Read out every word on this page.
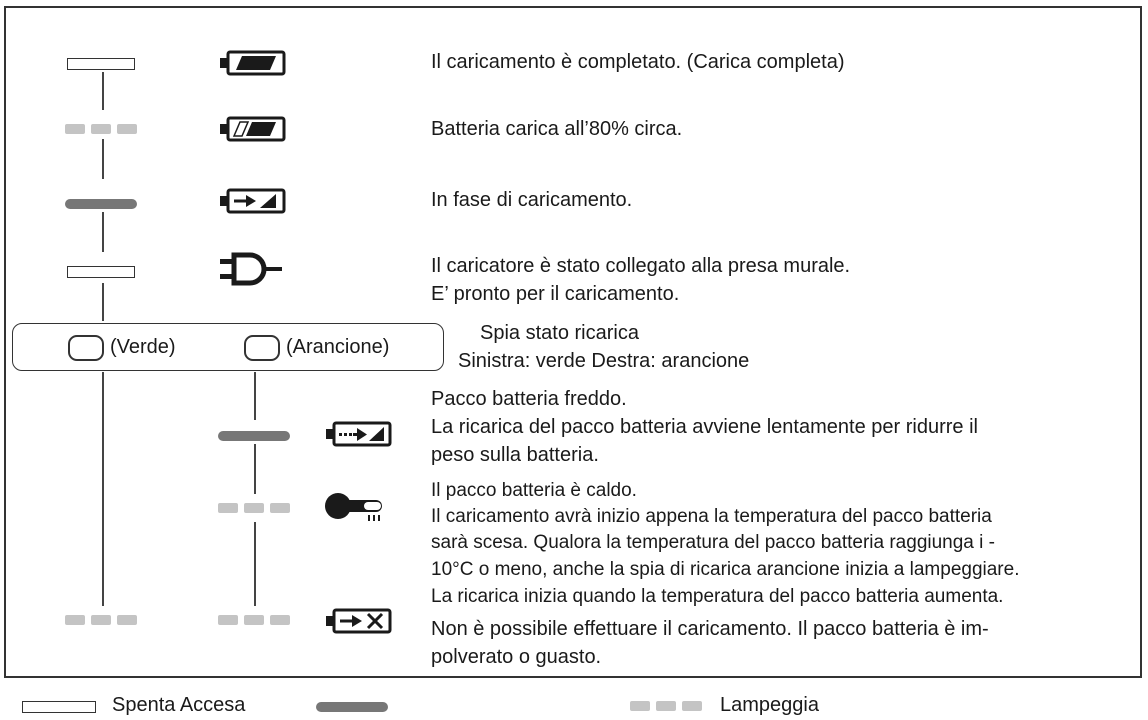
Il caricamento è completato. (Carica completa)
Batteria carica all’80% circa.
In fase di caricamento.
Il caricatore è stato collegato alla presa murale.
E’ pronto per il caricamento.
(Verde)	(Arancione)
Spia stato ricarica
Sinistra: verde Destra: arancione
Pacco batteria freddo.
La ricarica del pacco batteria avviene lentamente per ridurre il
peso sulla batteria.
Il pacco batteria è caldo.
Il caricamento avrà inizio appena la temperatura del pacco batteria
sarà scesa. Qualora la temperatura del pacco batteria raggiunga i -
10°C o meno, anche la spia di ricarica arancione inizia a lampeggiare.
La ricarica inizia quando la temperatura del pacco batteria aumenta.
Non è possibile effettuare il caricamento. Il pacco batteria è im-
polverato o guasto.
Spenta Accesa	Lampeggia
